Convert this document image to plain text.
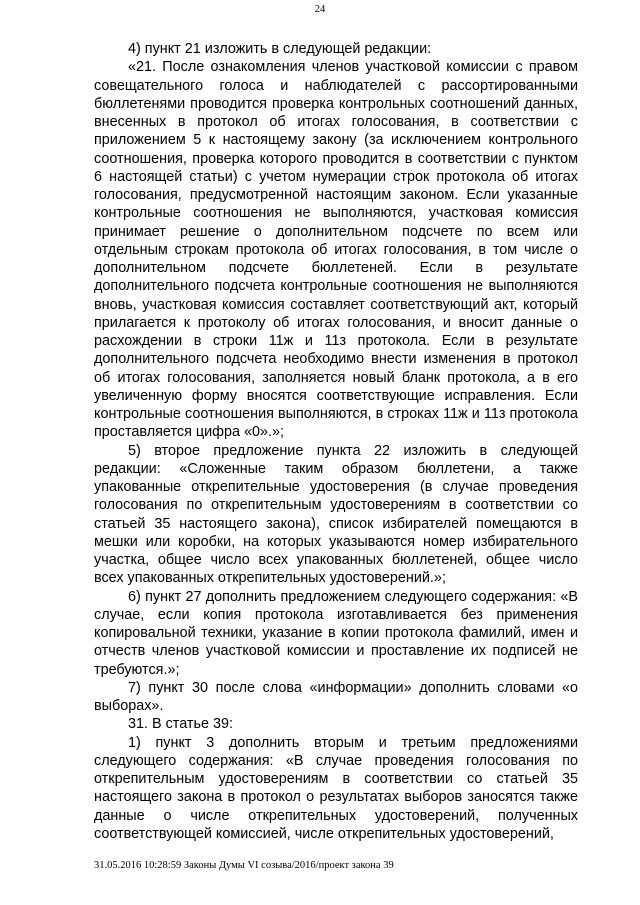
24

4) пункт 21 изложить в следующей редакции:

«21. После ознакомления членов участковой комиссии с правом совещательного голоса и наблюдателей с рассортированными бюллетенями проводится проверка контрольных соотношений данных, внесенных в протокол об итогах голосования, в соответствии с приложением 5 к настоящему закону (за исключением контрольного соотношения, проверка которого проводится в соответствии с пунктом 6 настоящей статьи) с учетом нумерации строк протокола об итогах голосования, предусмотренной настоящим законом. Если указанные контрольные соотношения не выполняются, участковая комиссия принимает решение о дополнительном подсчете по всем или отдельным строкам протокола об итогах голосования, в том числе о дополнительном подсчете бюллетеней. Если в результате дополнительного подсчета контрольные соотношения не выполняются вновь, участковая комиссия составляет соответствующий акт, который прилагается к протоколу об итогах голосования, и вносит данные о расхождении в строки 11ж и 11з протокола. Если в результате дополнительного подсчета необходимо внести изменения в протокол об итогах голосования, заполняется новый бланк протокола, а в его увеличенную форму вносятся соответствующие исправления. Если контрольные соотношения выполняются, в строках 11ж и 11з протокола проставляется цифра «0».»;

5) второе предложение пункта 22 изложить в следующей редакции: «Сложенные таким образом бюллетени, а также упакованные открепительные удостоверения (в случае проведения голосования по открепительным удостоверениям в соответствии со статьей 35 настоящего закона), список избирателей помещаются в мешки или коробки, на которых указываются номер избирательного участка, общее число всех упакованных бюллетеней, общее число всех упакованных открепительных удостоверений.»;

6) пункт 27 дополнить предложением следующего содержания: «В случае, если копия протокола изготавливается без применения копировальной техники, указание в копии протокола фамилий, имен и отчеств членов участковой комиссии и проставление их подписей не требуются.»;

7) пункт 30 после слова «информации» дополнить словами «о выборах».

31. В статье 39:

1) пункт 3 дополнить вторым и третьим предложениями следующего содержания: «В случае проведения голосования по открепительным удостоверениям в соответствии со статьей 35 настоящего закона в протокол о результатах выборов заносятся также данные о числе открепительных удостоверений, полученных соответствующей комиссией, числе открепительных удостоверений,

31.05.2016 10:28:59 Законы Думы VI созыва/2016/проект закона 39
